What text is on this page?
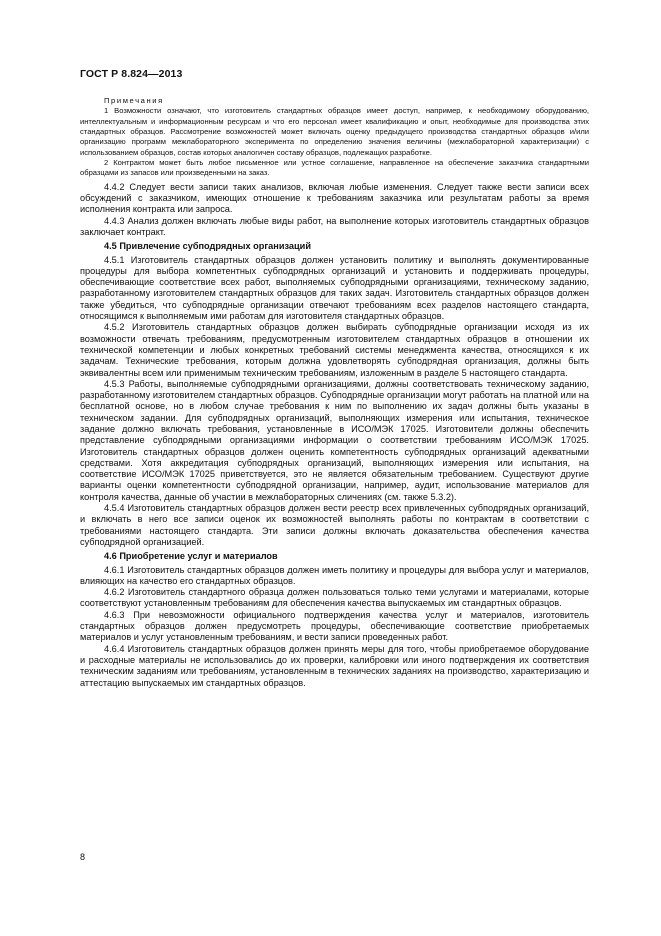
ГОСТ Р 8.824—2013
Примечания
1 Возможности означают, что изготовитель стандартных образцов имеет доступ, например, к необходимому оборудованию, интеллектуальным и информационным ресурсам и что его персонал имеет квалификацию и опыт, необходимые для производства этих стандартных образцов. Рассмотрение возможностей может включать оценку предыдущего производства стандартных образцов и/или организацию программ межлабораторного эксперимента по определению значения величины (межлабораторной характеризации) с использованием образцов, состав которых аналогичен составу образцов, подлежащих разработке.
2 Контрактом может быть любое письменное или устное соглашение, направленное на обеспечение заказчика стандартными образцами из запасов или произведенными на заказ.

4.4.2 Следует вести записи таких анализов, включая любые изменения. Следует также вести записи всех обсуждений с заказчиком, имеющих отношение к требованиям заказчика или результатам работы за время исполнения контракта или запроса.

4.4.3 Анализ должен включать любые виды работ, на выполнение которых изготовитель стандартных образцов заключает контракт.

4.5 Привлечение субподрядных организаций

4.5.1 Изготовитель стандартных образцов должен установить политику и выполнять документированные процедуры для выбора компетентных субподрядных организаций и установить и поддерживать процедуры, обеспечивающие соответствие всех работ, выполняемых субподрядными организациями, техническому заданию, разработанному изготовителем стандартных образцов для таких задач. Изготовитель стандартных образцов должен также убедиться, что субподрядные организации отвечают требованиям всех разделов настоящего стандарта, относящимся к выполняемым ими работам для изготовителя стандартных образцов.

4.5.2 Изготовитель стандартных образцов должен выбирать субподрядные организации исходя из их возможности отвечать требованиям, предусмотренным изготовителем стандартных образцов в отношении их технической компетенции и любых конкретных требований системы менеджмента качества, относящихся к их задачам. Технические требования, которым должна удовлетворять субподрядная организация, должны быть эквивалентны всем или применимым техническим требованиям, изложенным в разделе 5 настоящего стандарта.

4.5.3 Работы, выполняемые субподрядными организациями, должны соответствовать техническому заданию, разработанному изготовителем стандартных образцов. Субподрядные организации могут работать на платной или на бесплатной основе, но в любом случае требования к ним по выполнению их задач должны быть указаны в техническом задании. Для субподрядных организаций, выполняющих измерения или испытания, техническое задание должно включать требования, установленные в ИСО/МЭК 17025. Изготовители должны обеспечить представление субподрядными организациями информации о соответствии требованиям ИСО/МЭК 17025. Изготовитель стандартных образцов должен оценить компетентность субподрядных организаций адекватными средствами. Хотя аккредитация субподрядных организаций, выполняющих измерения или испытания, на соответствие ИСО/МЭК 17025 приветствуется, это не является обязательным требованием. Существуют другие варианты оценки компетентности субподрядной организации, например, аудит, использование материалов для контроля качества, данные об участии в межлабораторных сличениях (см. также 5.3.2).

4.5.4 Изготовитель стандартных образцов должен вести реестр всех привлеченных субподрядных организаций, и включать в него все записи оценок их возможностей выполнять работы по контрактам в соответствии с требованиями настоящего стандарта. Эти записи должны включать доказательства обеспечения качества субподрядной организацией.

4.6 Приобретение услуг и материалов

4.6.1 Изготовитель стандартных образцов должен иметь политику и процедуры для выбора услуг и материалов, влияющих на качество его стандартных образцов.

4.6.2 Изготовитель стандартного образца должен пользоваться только теми услугами и материалами, которые соответствуют установленным требованиям для обеспечения качества выпускаемых им стандартных образцов.

4.6.3 При невозможности официального подтверждения качества услуг и материалов, изготовитель стандартных образцов должен предусмотреть процедуры, обеспечивающие соответствие приобретаемых материалов и услуг установленным требованиям, и вести записи проведенных работ.

4.6.4 Изготовитель стандартных образцов должен принять меры для того, чтобы приобретаемое оборудование и расходные материалы не использовались до их проверки, калибровки или иного подтверждения их соответствия техническим заданиям или требованиям, установленным в технических заданиях на производство, характеризацию и аттестацию выпускаемых им стандартных образцов.

8
